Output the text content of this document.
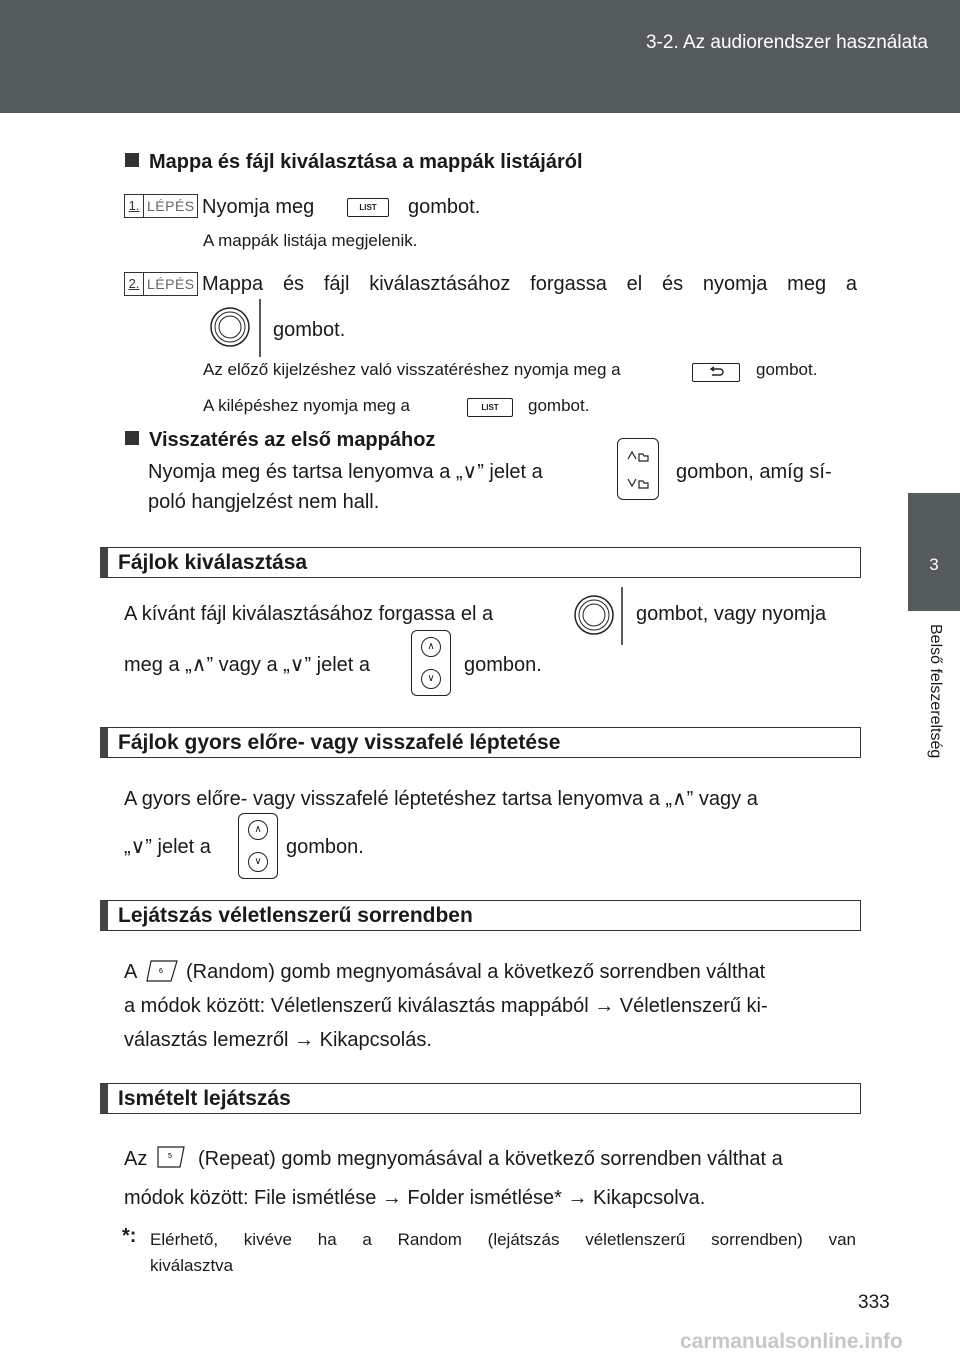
3-2. Az audiorendszer használata
3
Belső felszereltség
Mappa és fájl kiválasztása a mappák listájáról
1. LÉPÉS Nyomja meg	LIST	gombot.
A mappák listája megjelenik.
2. LÉPÉS Mappa és fájl kiválasztásához forgassa el és nyomja meg a
gombot.
Az előző kijelzéshez való visszatéréshez nyomja meg a	gombot.
A kilépéshez nyomja meg a	LIST	gombot.
Visszatérés az első mappához
Nyomja meg és tartsa lenyomva a „∨” jelet a	gombon, amíg sí-
poló hangjelzést nem hall.
Fájlok kiválasztása
A kívánt fájl kiválasztásához forgassa el a	gombot, vagy nyomja
meg a „∧” vagy a „∨” jelet a
∧
∨
gombon.
Fájlok gyors előre- vagy visszafelé léptetése
A gyors előre- vagy visszafelé léptetéshez tartsa lenyomva a „∧” vagy a
„∨” jelet a
∧
∨
gombon.
Lejátszás véletlenszerű sorrendben
A	6 (Random) gomb megnyomásával a következő sorrendben válthat
a módok között: Véletlenszerű kiválasztás mappából → Véletlenszerű ki-
választás lemezről → Kikapcsolás.
Ismételt lejátszás
Az	5 (Repeat) gomb megnyomásával a következő sorrendben válthat a
módok között: File ismétlése → Folder ismétlése* → Kikapcsolva.
*: Elérhető, kivéve ha a Random (lejátszás véletlenszerű sorrendben) van
kiválasztva
333
carmanualsonline.info
